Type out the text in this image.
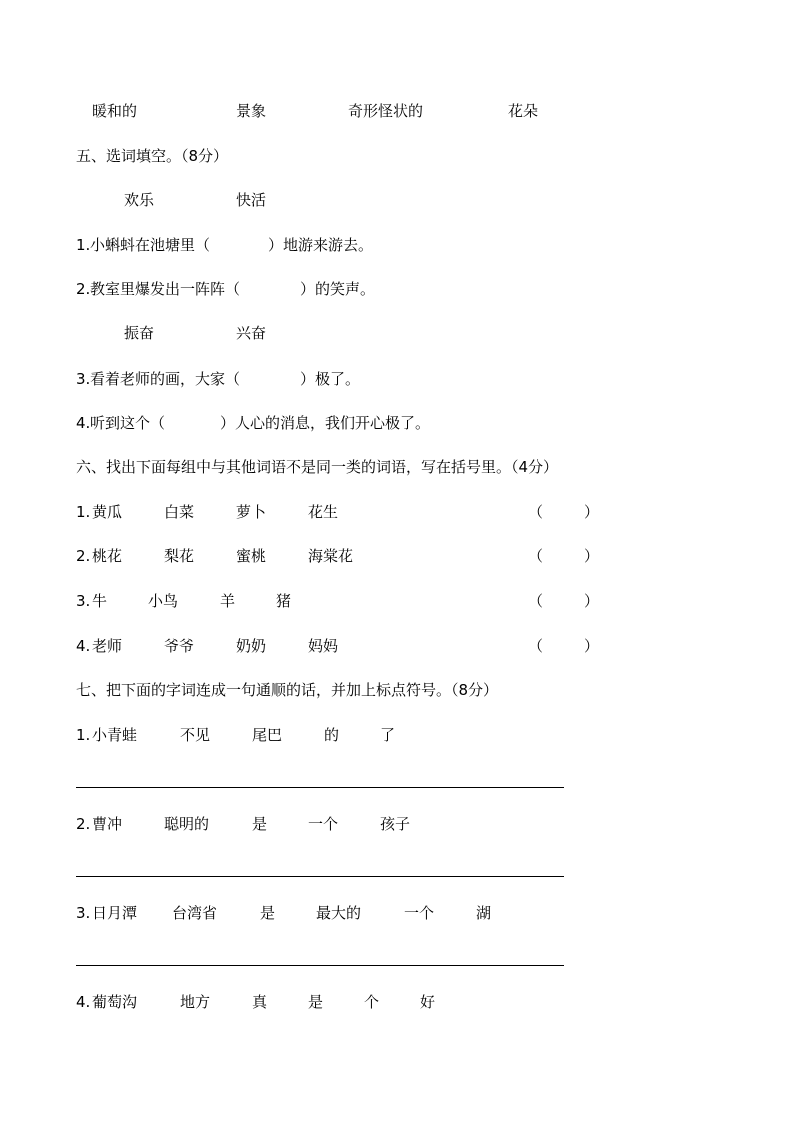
暖和的	景象	奇形怪状的	花朵
五、选词填空。（8分）
欢乐	快活
1. 小蝌蚪在池塘里（	）地游来游去。
2. 教室里爆发出一阵阵（	）的笑声。
振奋	兴奋
3. 看着老师的画，大家（	）极了。
4. 听到这个（	）人心的消息，我们开心极了。
六、找出下面每组中与其他词语不是同一类的词语，写在括号里。（4分）
1. 黄瓜	白菜	萝卜	花生	（	）
2. 桃花	梨花	蜜桃	海棠花	（	）
3. 牛	小鸟	羊	猪	（	）
4. 老师	爷爷	奶奶	妈妈	（	）
七、把下面的字词连成一句通顺的话，并加上标点符号。（8分）
1. 小青蛙	不见	尾巴	的	了
2. 曹冲	聪明的	是	一个	孩子
3. 日月潭 台湾省	是	最大的	一个	湖
4. 葡萄沟	地方	真	是	个	好
